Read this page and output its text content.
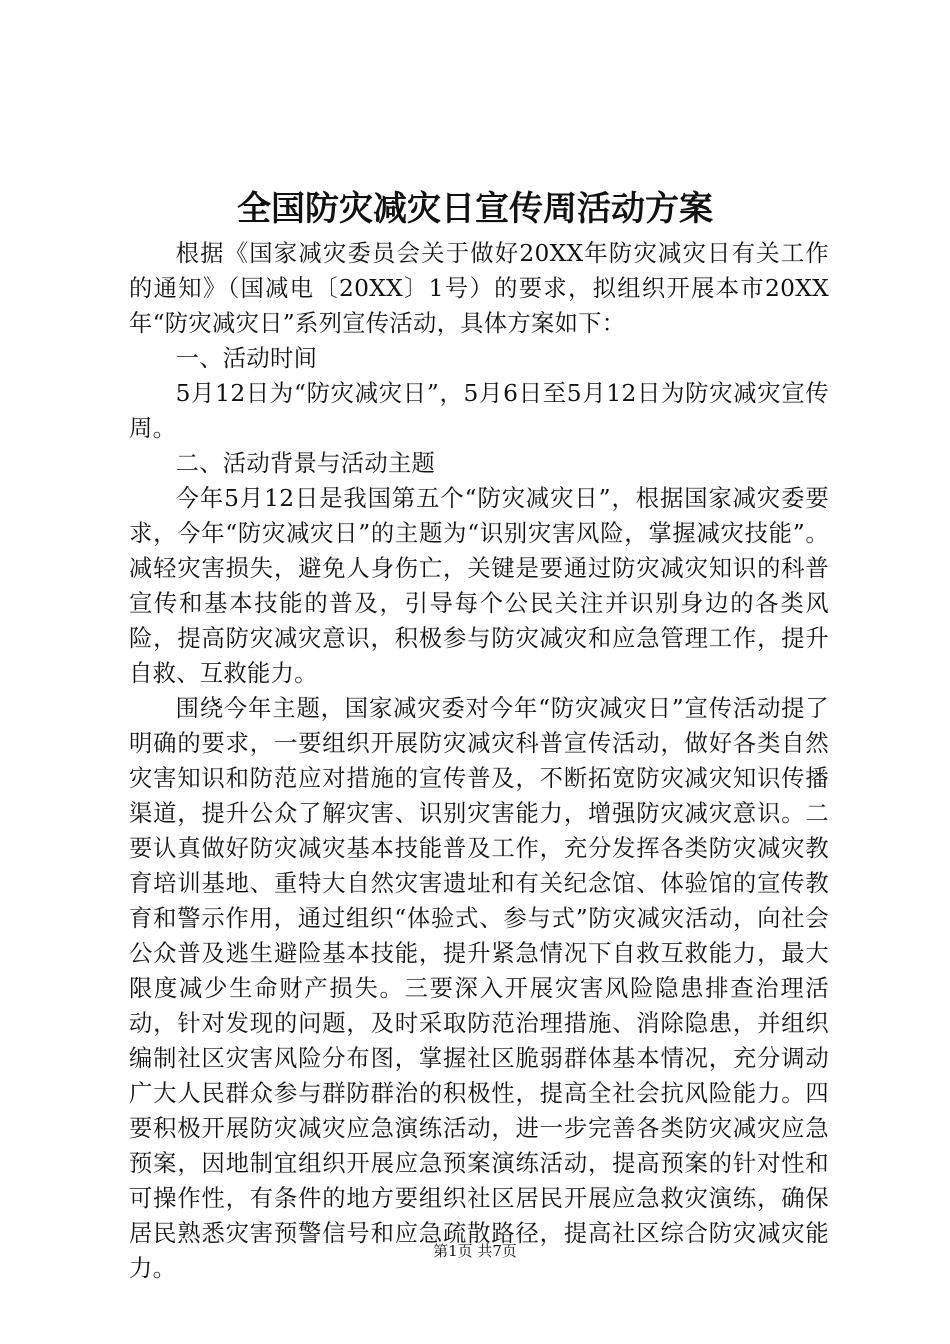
全国防灾减灾日宣传周活动方案

根据《国家减灾委员会关于做好20XX年防灾减灾日有关工作的通知》（国减电〔20XX〕1号）的要求，拟组织开展本市20XX年“防灾减灾日”系列宣传活动，具体方案如下：

一、活动时间

5月12日为“防灾减灾日”，5月6日至5月12日为防灾减灾宣传周。

二、活动背景与活动主题

今年5月12日是我国第五个“防灾减灾日”，根据国家减灾委要求，今年“防灾减灾日”的主题为“识别灾害风险，掌握减灾技能”。减轻灾害损失，避免人身伤亡，关键是要通过防灾减灾知识的科普宣传和基本技能的普及，引导每个公民关注并识别身边的各类风险，提高防灾减灾意识，积极参与防灾减灾和应急管理工作，提升自救、互救能力。

围绕今年主题，国家减灾委对今年“防灾减灾日”宣传活动提了明确的要求，一要组织开展防灾减灾科普宣传活动，做好各类自然灾害知识和防范应对措施的宣传普及，不断拓宽防灾减灾知识传播渠道，提升公众了解灾害、识别灾害能力，增强防灾减灾意识。二要认真做好防灾减灾基本技能普及工作，充分发挥各类防灾减灾教育培训基地、重特大自然灾害遗址和有关纪念馆、体验馆的宣传教育和警示作用，通过组织“体验式、参与式”防灾减灾活动，向社会公众普及逃生避险基本技能，提升紧急情况下自救互救能力，最大限度减少生命财产损失。三要深入开展灾害风险隐患排查治理活动，针对发现的问题，及时采取防范治理措施、消除隐患，并组织编制社区灾害风险分布图，掌握社区脆弱群体基本情况，充分调动广大人民群众参与群防群治的积极性，提高全社会抗风险能力。四要积极开展防灾减灾应急演练活动，进一步完善各类防灾减灾应急预案，因地制宜组织开展应急预案演练活动，提高预案的针对性和可操作性，有条件的地方要组织社区居民开展应急救灾演练，确保居民熟悉灾害预警信号和应急疏散路径，提高社区综合防灾减灾能力。

第1页 共7页
